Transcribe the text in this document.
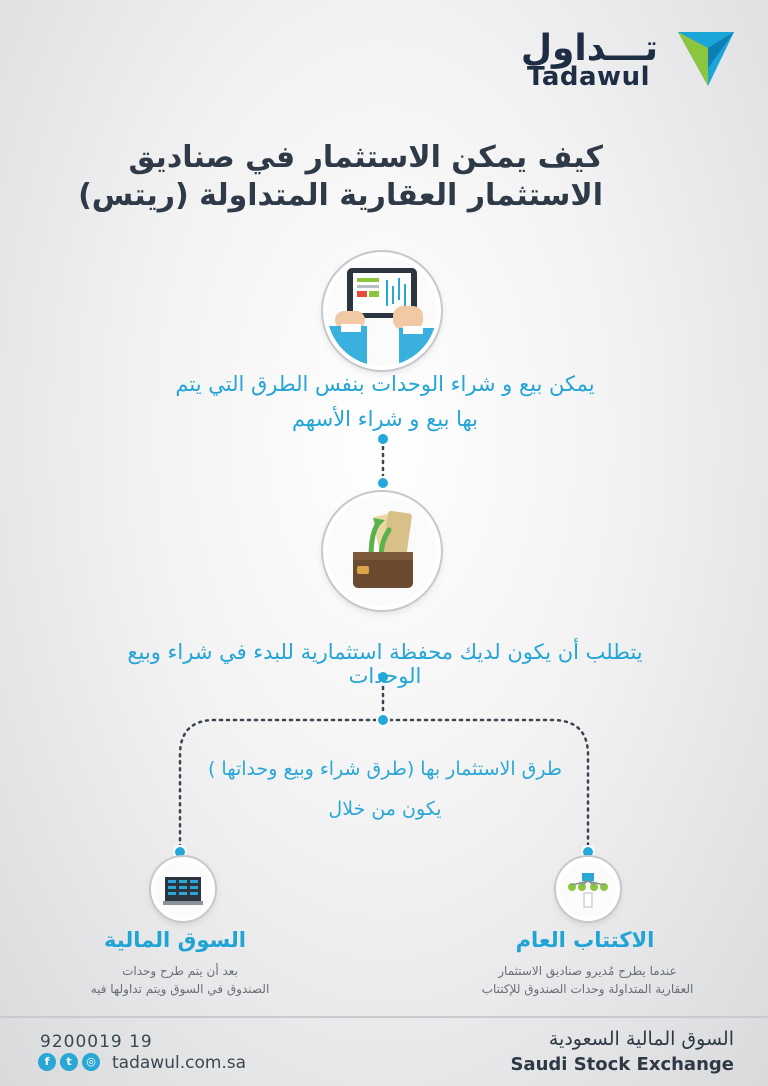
تـــداول
Tadawul
كيف يمكن الاستثمار في صناديق
الاستثمار العقارية المتداولة (ريتس)
يمكن بيع و شراء الوحدات بنفس الطرق التي يتم
بها بيع و شراء الأسهم
يتطلب أن يكون لديك محفظة استثمارية للبدء في شراء وبيع الوحدات
طرق الاستثمار بها (طرق شراء وبيع وحداتها )
يكون من خلال
السوق المالية
بعد أن يتم طرح وحدات
الصندوق في السوق ويتم تداولها فيه
الاكتتاب العام
عندما يطرح مُديرو صناديق الاستثمار
العقارية المتداولة وحدات الصندوق للإكتتاب
9200019 19
f	t	◎ tadawul.com.sa
السوق المالية السعودية
Saudi Stock Exchange
